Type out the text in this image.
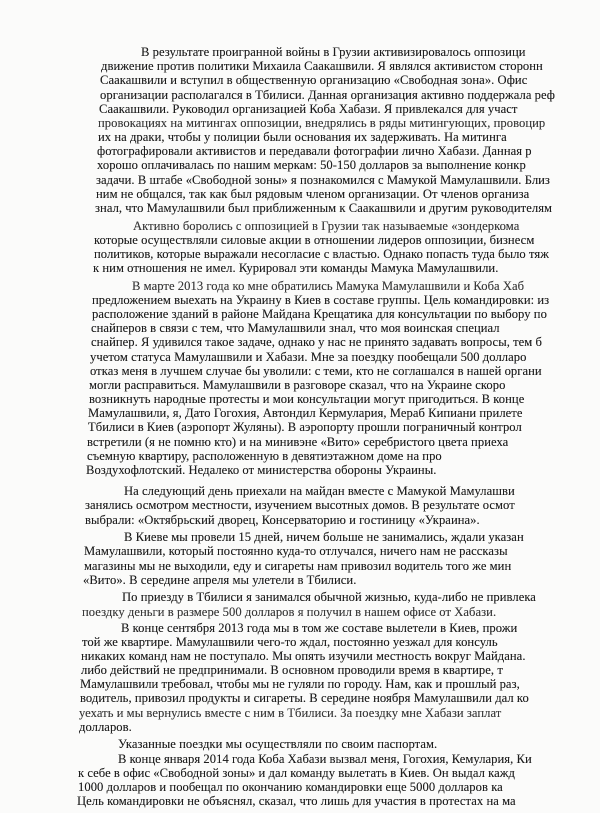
В результате проигранной войны в Грузии активизировалось оппозици
движение против политики Михаила Саакашвили. Я являлся активистом сторонн
Саакашвили и вступил в общественную организацию «Свободная зона». Офис
организации располагался в Тбилиси. Данная организация активно поддержала реф
Саакашвили. Руководил организацией Коба Хабази. Я привлекался для участ
провокациях на митингах оппозиции, внедрялись в ряды митингующих, провоцир
их на драки, чтобы у полиции были основания их задерживать. На митинга
фотографировали активистов и передавали фотографии лично Хабази. Данная р
хорошо оплачивалась по нашим меркам: 50-150 долларов за выполнение конкр
задачи. В штабе «Свободной зоны» я познакомился с Мамукой Мамулашвили. Близ
ним не общался, так как был рядовым членом организации. От членов организа
знал, что Мамулашвили был приближенным к Саакашвили и другим руководителям
Активно боролись с оппозицией в Грузии так называемые «зондеркома
которые осуществляли силовые акции в отношении лидеров оппозиции, бизнесм
политиков, которые выражали несогласие с властью. Однако попасть туда было тяж
к ним отношения не имел. Курировал эти команды Мамука Мамулашвили.
В марте 2013 года ко мне обратились Мамука Мамулашвили и Коба Хаб
предложением выехать на Украину в Киев в составе группы. Цель командировки: из
расположение зданий в районе Майдана Крещатика для консультации по выбору по
снайперов в связи с тем, что Мамулашвили знал, что моя воинская специал
снайпер. Я удивился такое задаче, однако у нас не принято задавать вопросы, тем б
учетом статуса Мамулашвили и Хабази. Мне за поездку пообещали 500 долларо
отказ меня в лучшем случае бы уволили: с теми, кто не соглашался в нашей органи
могли расправиться. Мамулашвили в разговоре сказал, что на Украине скоро
возникнуть народные протесты и мои консультации могут пригодиться. В конце
Мамулашвили, я, Дато Гогохия, Автондил Кермулария, Мераб Кипиани прилете
Тбилиси в Киев (аэропорт Жуляны). В аэропорту прошли пограничный контрол
встретили (я не помню кто) и на минивэне «Вито» серебристого цвета приеха
съемную квартиру, расположенную в девятиэтажном доме на про
Воздухофлотский. Недалеко от министерства обороны Украины.
На следующий день приехали на майдан вместе с Мамукой Мамулашви
занялись осмотром местности, изучением высотных домов. В результате осмот
выбрали: «Октябрьский дворец, Консерваторию и гостиницу «Украина».
В Киеве мы провели 15 дней, ничем больше не занимались, ждали указан
Мамулашвили, который постоянно куда-то отлучался, ничего нам не рассказы
магазины мы не выходили, еду и сигареты нам привозил водитель того же мин
«Вито». В середине апреля мы улетели в Тбилиси.
По приезду в Тбилиси я занимался обычной жизнью, куда-либо не привлека
поездку деньги в размере 500 долларов я получил в нашем офисе от Хабази.
В конце сентября 2013 года мы в том же составе вылетели в Киев, прожи
той же квартире. Мамулашвили чего-то ждал, постоянно уезжал для консуль
никаких команд нам не поступало. Мы опять изучили местность вокруг Майдана.
либо действий не предпринимали. В основном проводили время в квартире, т
Мамулашвили требовал, чтобы мы не гуляли по городу. Нам, как и прошлый раз,
водитель, привозил продукты и сигареты. В середине ноября Мамулашвили дал ко
уехать и мы вернулись вместе с ним в Тбилиси. За поездку мне Хабази заплат
долларов.
Указанные поездки мы осуществляли по своим паспортам.
В конце января 2014 года Коба Хабази вызвал меня, Гогохия, Кемулария, Ки
к себе в офис «Свободной зоны» и дал команду вылетать в Киев. Он выдал кажд
1000 долларов и пообещал по окончанию командировки еще 5000 долларов ка
Цель командировки не объяснял, сказал, что лишь для участия в протестах на ма
